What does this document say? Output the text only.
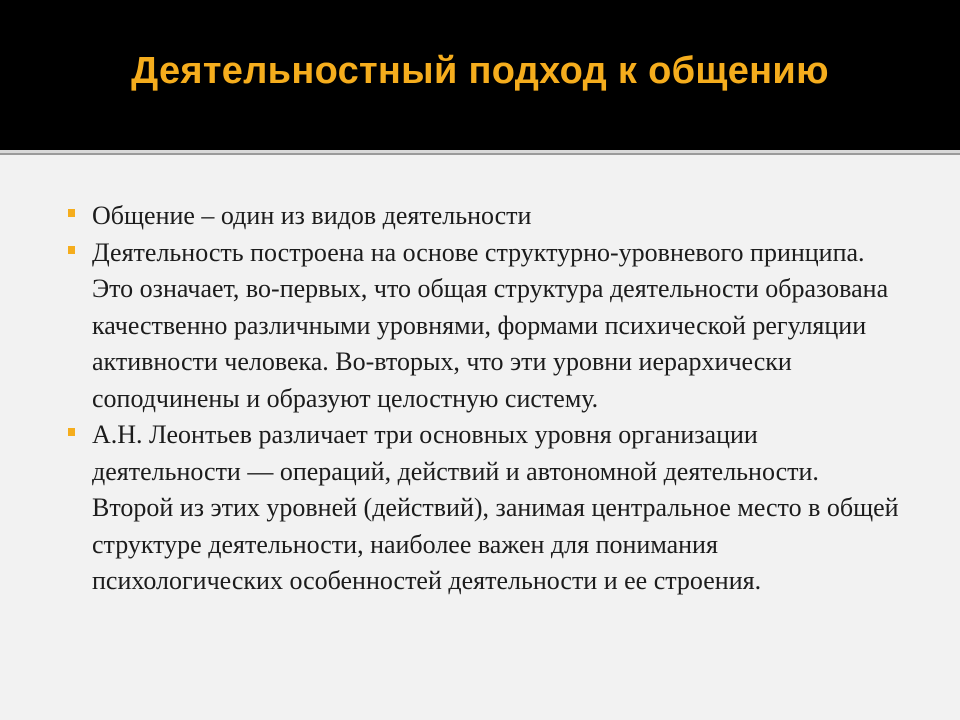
Деятельностный подход к общению
Общение – один из видов деятельности
Деятельность построена на основе структурно-уровневого принципа. Это означает, во-первых, что общая структура деятельности образована качественно различными уровнями, формами психической регуляции активности человека. Во-вторых, что эти уровни иерархически соподчинены и образуют целостную систему.
А.Н. Леонтьев различает три основных уровня организации деятельности — операций, действий и автономной деятельности. Второй из этих уровней (действий), занимая центральное место в общей структуре деятельности, наиболее важен для понимания психологических особенностей деятельности и ее строения.
